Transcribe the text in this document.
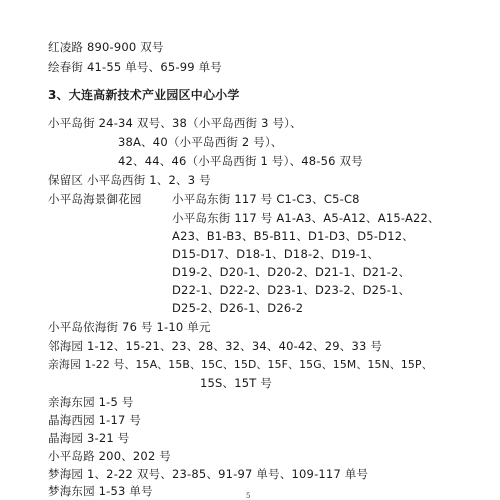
红凌路 890-900 双号
绘春街 41-55 单号、65-99 单号
3、大连高新技术产业园区中心小学
小平岛街 24-34 双号、38（小平岛西街 3 号）、
38A、40（小平岛西街 2 号）、
42、44、46（小平岛西街 1 号）、48-56 双号
保留区 小平岛西街 1、2、3 号
小平岛海景御花园	小平岛东街 117 号 C1-C3、C5-C8
小平岛东街 117 号 A1-A3、A5-A12、A15-A22、
A23、B1-B3、B5-B11、D1-D3、D5-D12、
D15-D17、D18-1、D18-2、D19-1、
D19-2、D20-1、D20-2、D21-1、D21-2、
D22-1、D22-2、D23-1、D23-2、D25-1、
D25-2、D26-1、D26-2
小平岛依海街 76 号 1-10 单元
邻海园 1-12、15-21、23、28、32、34、40-42、29、33 号
亲海园 1-22 号、15A、15B、15C、15D、15F、15G、15M、15N、15P、
15S、15T 号
亲海东园 1-5 号
晶海西园 1-17 号
晶海园 3-21 号
小平岛路 200、202 号
梦海园 1、2-22 双号、23-85、91-97 单号、109-117 单号
梦海东园 1-53 单号	5
